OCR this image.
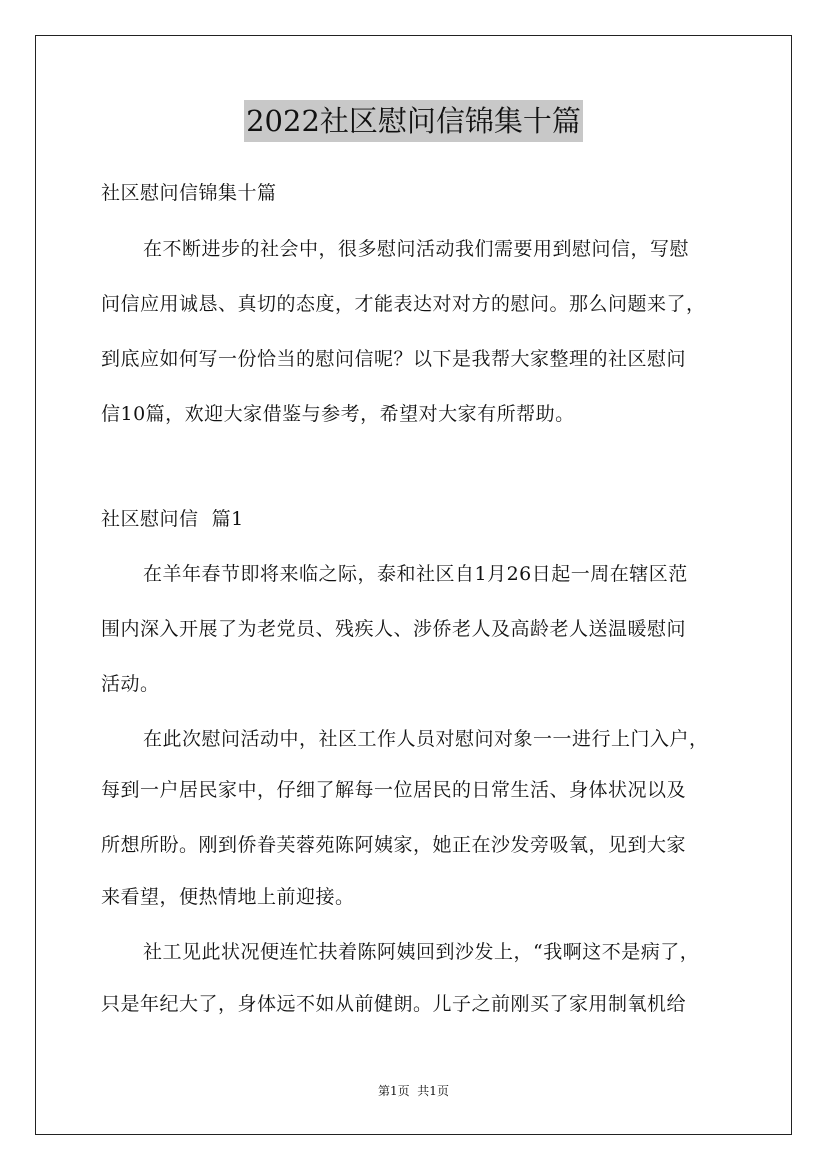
2022社区慰问信锦集十篇
社区慰问信锦集十篇
在不断进步的社会中，很多慰问活动我们需要用到慰问信，写慰
问信应用诚恳、真切的态度，才能表达对对方的慰问。那么问题来了，
到底应如何写一份恰当的慰问信呢？以下是我帮大家整理的社区慰问
信10篇，欢迎大家借鉴与参考，希望对大家有所帮助。
社区慰问信  篇1
在羊年春节即将来临之际，泰和社区自1月26日起一周在辖区范
围内深入开展了为老党员、残疾人、涉侨老人及高龄老人送温暖慰问
活动。
在此次慰问活动中，社区工作人员对慰问对象一一进行上门入户，
每到一户居民家中，仔细了解每一位居民的日常生活、身体状况以及
所想所盼。刚到侨眷芙蓉苑陈阿姨家，她正在沙发旁吸氧，见到大家
来看望，便热情地上前迎接。
社工见此状况便连忙扶着陈阿姨回到沙发上，“我啊这不是病了，
只是年纪大了，身体远不如从前健朗。儿子之前刚买了家用制氧机给
第1页  共1页
